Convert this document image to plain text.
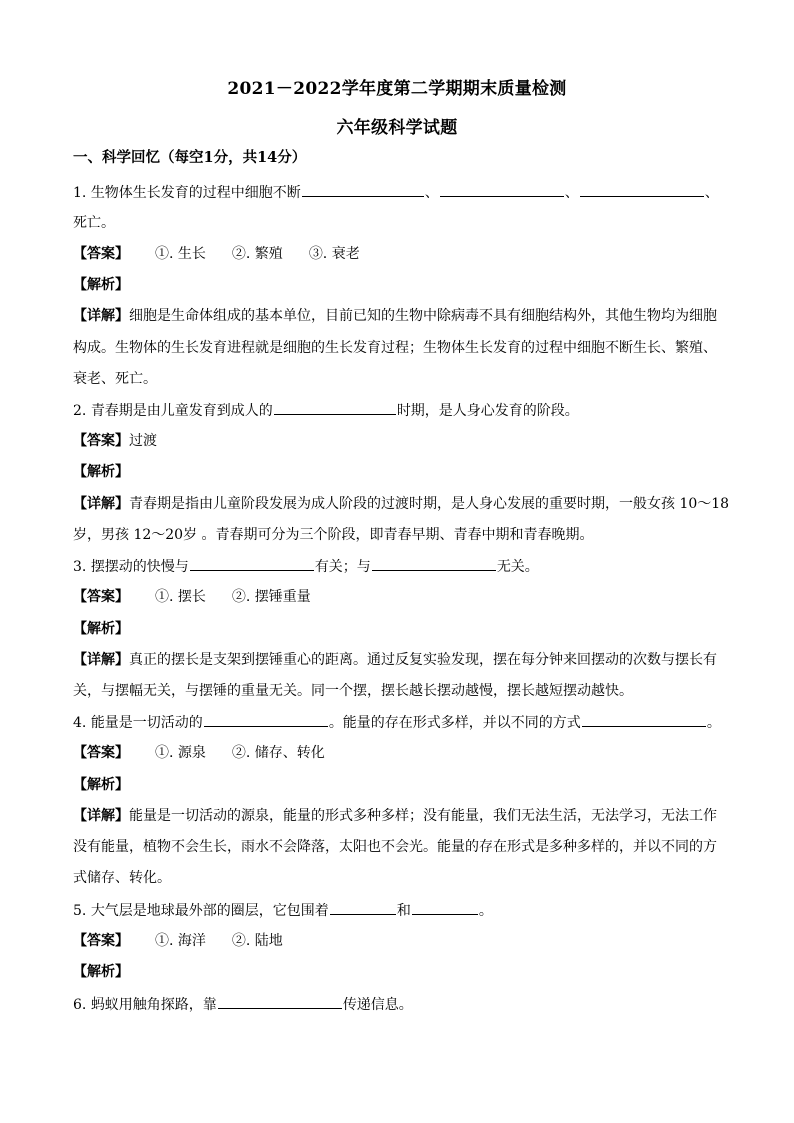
2021－2022学年度第二学期期末质量检测
六年级科学试题
一、科学回忆（每空1分，共14分）
1. 生物体生长发育的过程中细胞不断	、	、	、
死亡。
【答案】 ①. 生长 ②. 繁殖 ③. 衰老
【解析】
【详解】细胞是生命体组成的基本单位，目前已知的生物中除病毒不具有细胞结构外，其他生物均为细胞
构成。生物体的生长发育进程就是细胞的生长发育过程；生物体生长发育的过程中细胞不断生长、繁殖、
衰老、死亡。
2. 青春期是由儿童发育到成人的	时期，是人身心发育的阶段。
【答案】过渡
【解析】
【详解】青春期是指由儿童阶段发展为成人阶段的过渡时期，是人身心发展的重要时期，一般女孩 10～18
岁，男孩 12～20岁 。青春期可分为三个阶段，即青春早期、青春中期和青春晚期。
3. 摆摆动的快慢与	有关；与	无关。
【答案】 ①. 摆长 ②. 摆锤重量
【解析】
【详解】真正的摆长是支架到摆锤重心的距离。通过反复实验发现，摆在每分钟来回摆动的次数与摆长有
关，与摆幅无关，与摆锤的重量无关。同一个摆，摆长越长摆动越慢，摆长越短摆动越快。
4. 能量是一切活动的	。能量的存在形式多样，并以不同的方式	。
【答案】 ①. 源泉 ②. 储存、转化
【解析】
【详解】能量是一切活动的源泉，能量的形式多种多样；没有能量，我们无法生活，无法学习，无法工作
没有能量，植物不会生长，雨水不会降落，太阳也不会光。能量的存在形式是多种多样的，并以不同的方
式储存、转化。
5. 大气层是地球最外部的圈层，它包围着	和	。
【答案】 ①. 海洋 ②. 陆地
【解析】
6. 蚂蚁用触角探路，靠	传递信息。
